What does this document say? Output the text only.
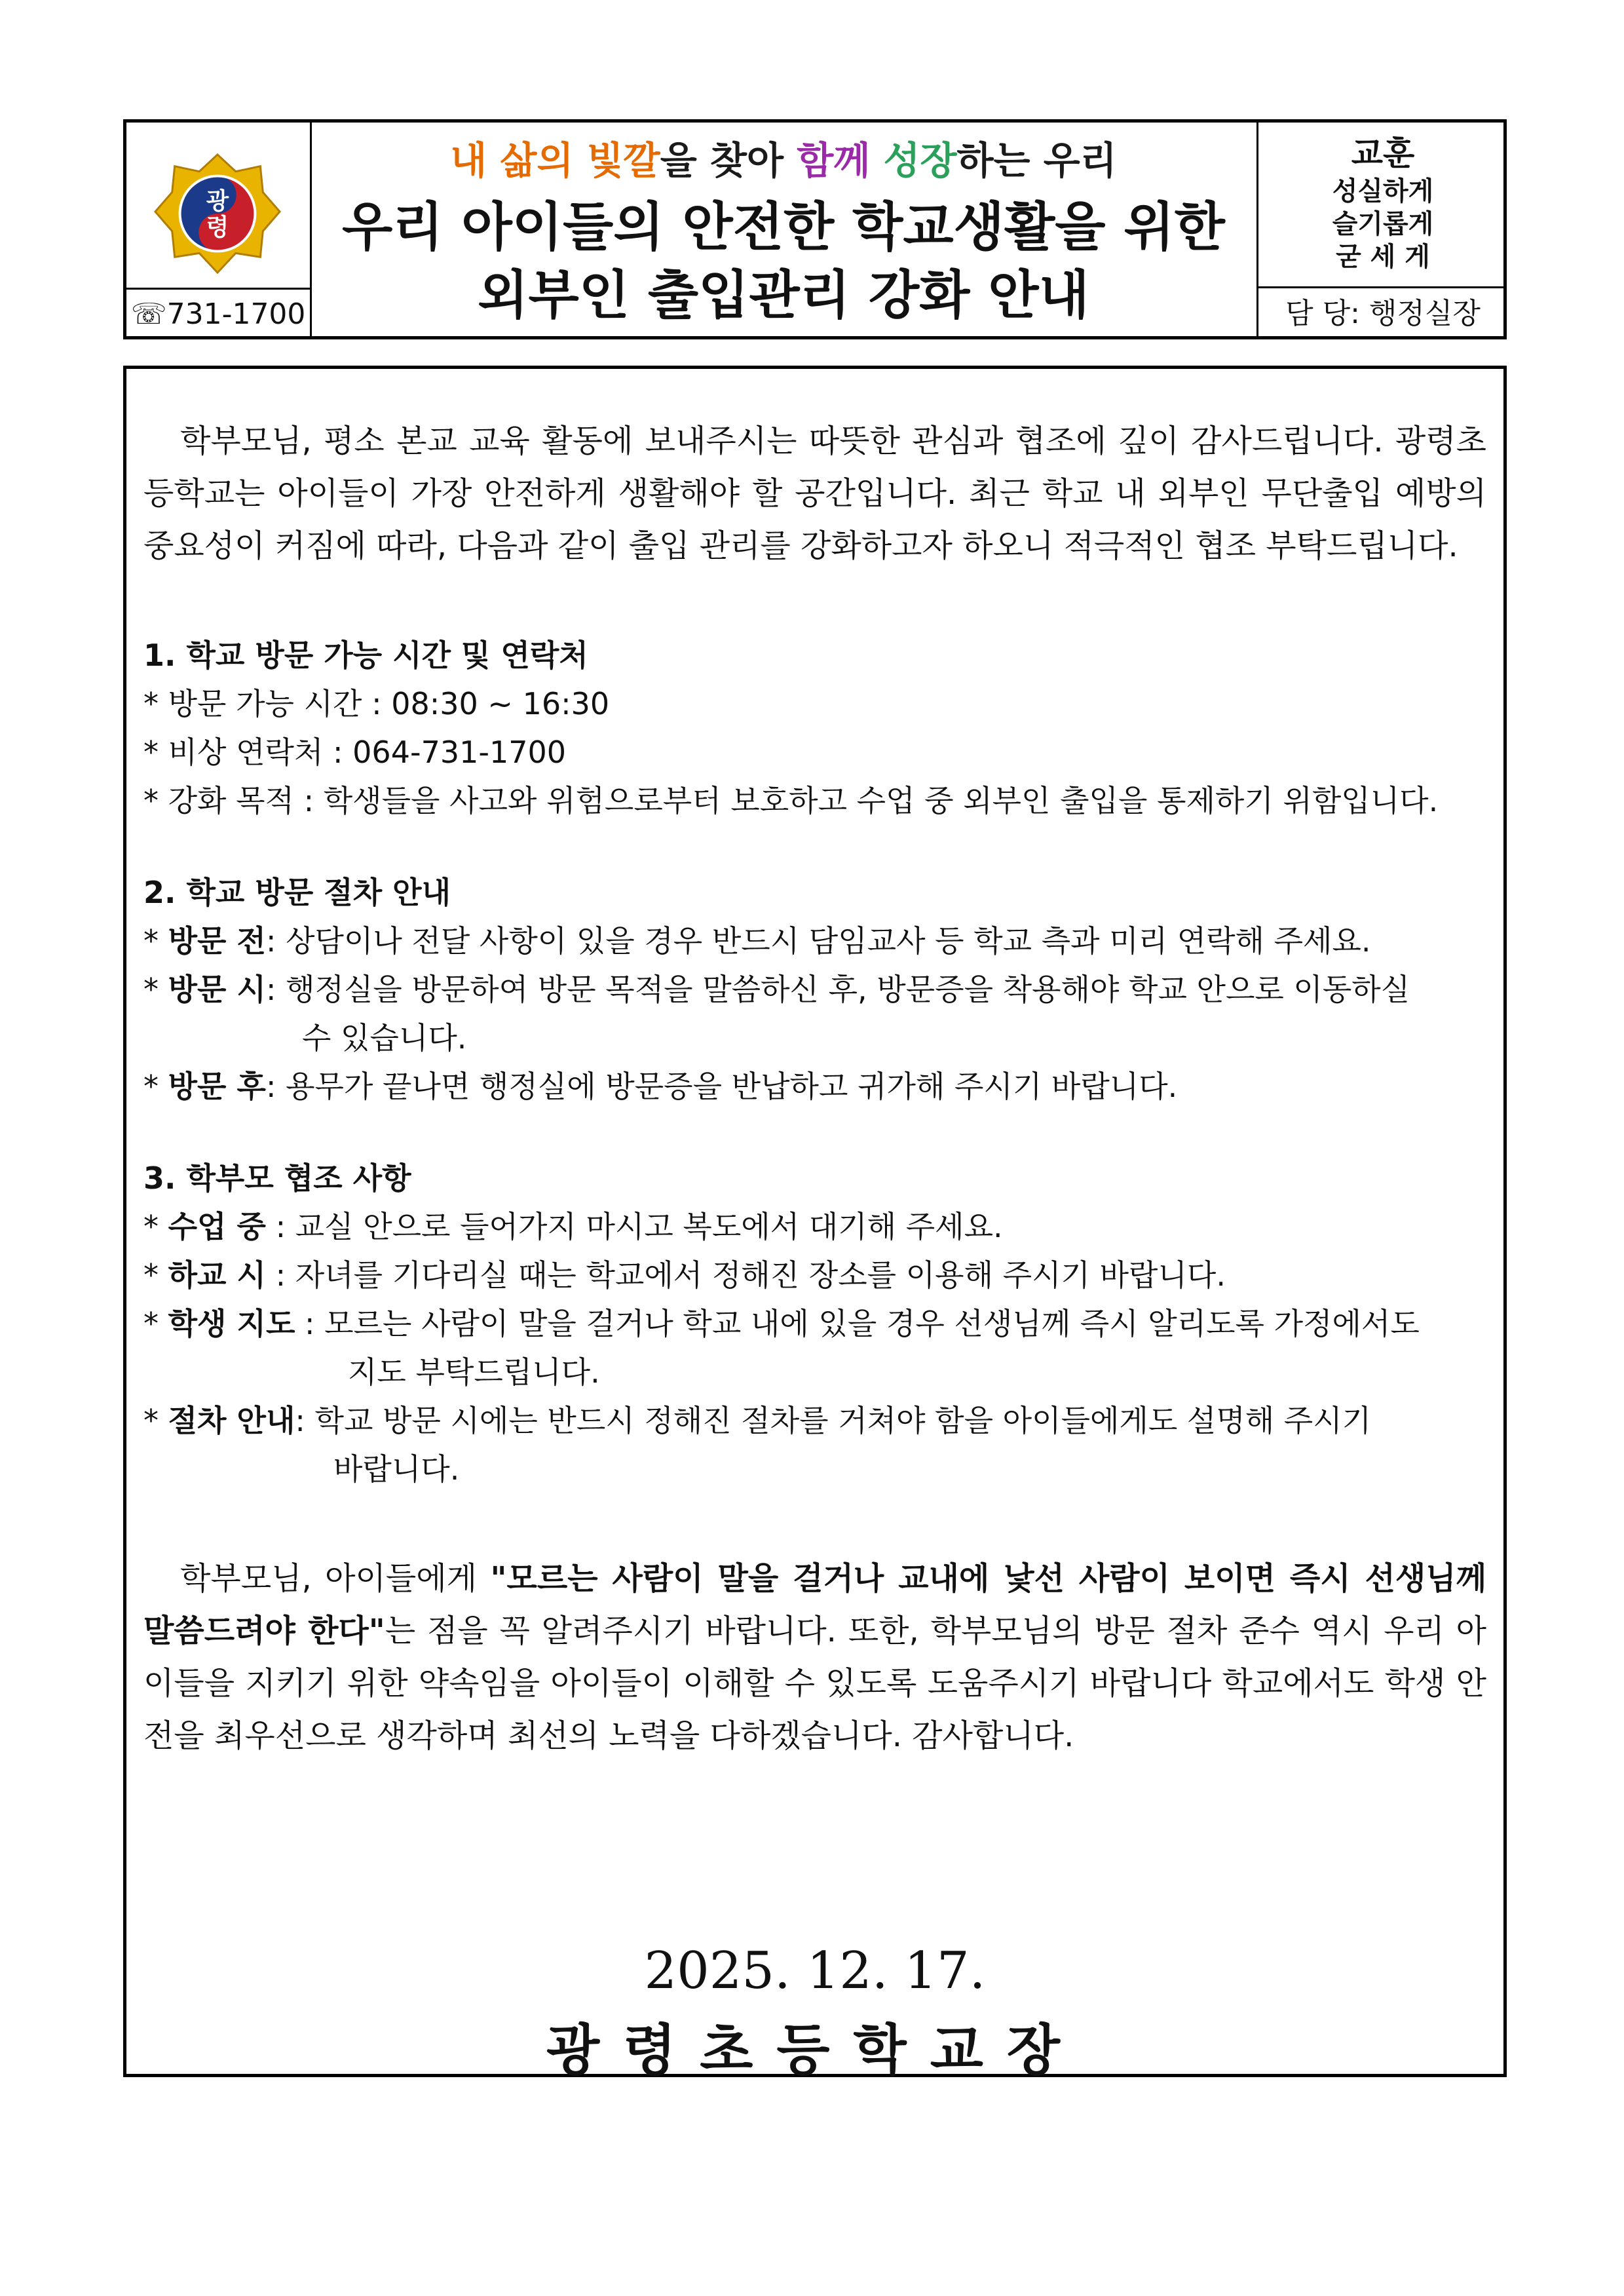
광
령
☏731-1700
내 삶의 빛깔을 찾아 함께 성장하는 우리
우리 아이들의 안전한 학교생활을 위한
외부인 출입관리 강화 안내
교훈
성실하게
슬기롭게
굳 세 게
담 당: 행정실장

학부모님, 평소 본교 교육 활동에 보내주시는 따뜻한 관심과 협조에 깊이 감사드립니다. 광령초등학교는 아이들이 가장 안전하게 생활해야 할 공간입니다. 최근 학교 내 외부인 무단출입 예방의 중요성이 커짐에 따라, 다음과 같이 출입 관리를 강화하고자 하오니 적극적인 협조 부탁드립니다.

1. 학교 방문 가능 시간 및 연락처

* 방문 가능 시간 : 08:30 ~ 16:30

* 비상 연락처 : 064-731-1700

* 강화 목적 : 학생들을 사고와 위험으로부터 보호하고 수업 중 외부인 출입을 통제하기 위함입니다.

2. 학교 방문 절차 안내

* 방문 전: 상담이나 전달 사항이 있을 경우 반드시 담임교사 등 학교 측과 미리 연락해 주세요.

* 방문 시: 행정실을 방문하여 방문 목적을 말씀하신 후, 방문증을 착용해야 학교 안으로 이동하실
수 있습니다.

* 방문 후: 용무가 끝나면 행정실에 방문증을 반납하고 귀가해 주시기 바랍니다.

3. 학부모 협조 사항

* 수업 중 : 교실 안으로 들어가지 마시고 복도에서 대기해 주세요.

* 하교 시 : 자녀를 기다리실 때는 학교에서 정해진 장소를 이용해 주시기 바랍니다.

* 학생 지도 : 모르는 사람이 말을 걸거나 학교 내에 있을 경우 선생님께 즉시 알리도록 가정에서도
지도 부탁드립니다.

* 절차 안내: 학교 방문 시에는 반드시 정해진 절차를 거쳐야 함을 아이들에게도 설명해 주시기
바랍니다.

학부모님, 아이들에게 "모르는 사람이 말을 걸거나 교내에 낯선 사람이 보이면 즉시 선생님께 말씀드려야 한다"는 점을 꼭 알려주시기 바랍니다. 또한, 학부모님의 방문 절차 준수 역시 우리 아이들을 지키기 위한 약속임을 아이들이 이해할 수 있도록 도움주시기 바랍니다 학교에서도 학생 안전을 최우선으로 생각하며 최선의 노력을 다하겠습니다. 감사합니다.

2025. 12. 17.
광령초등학교장
